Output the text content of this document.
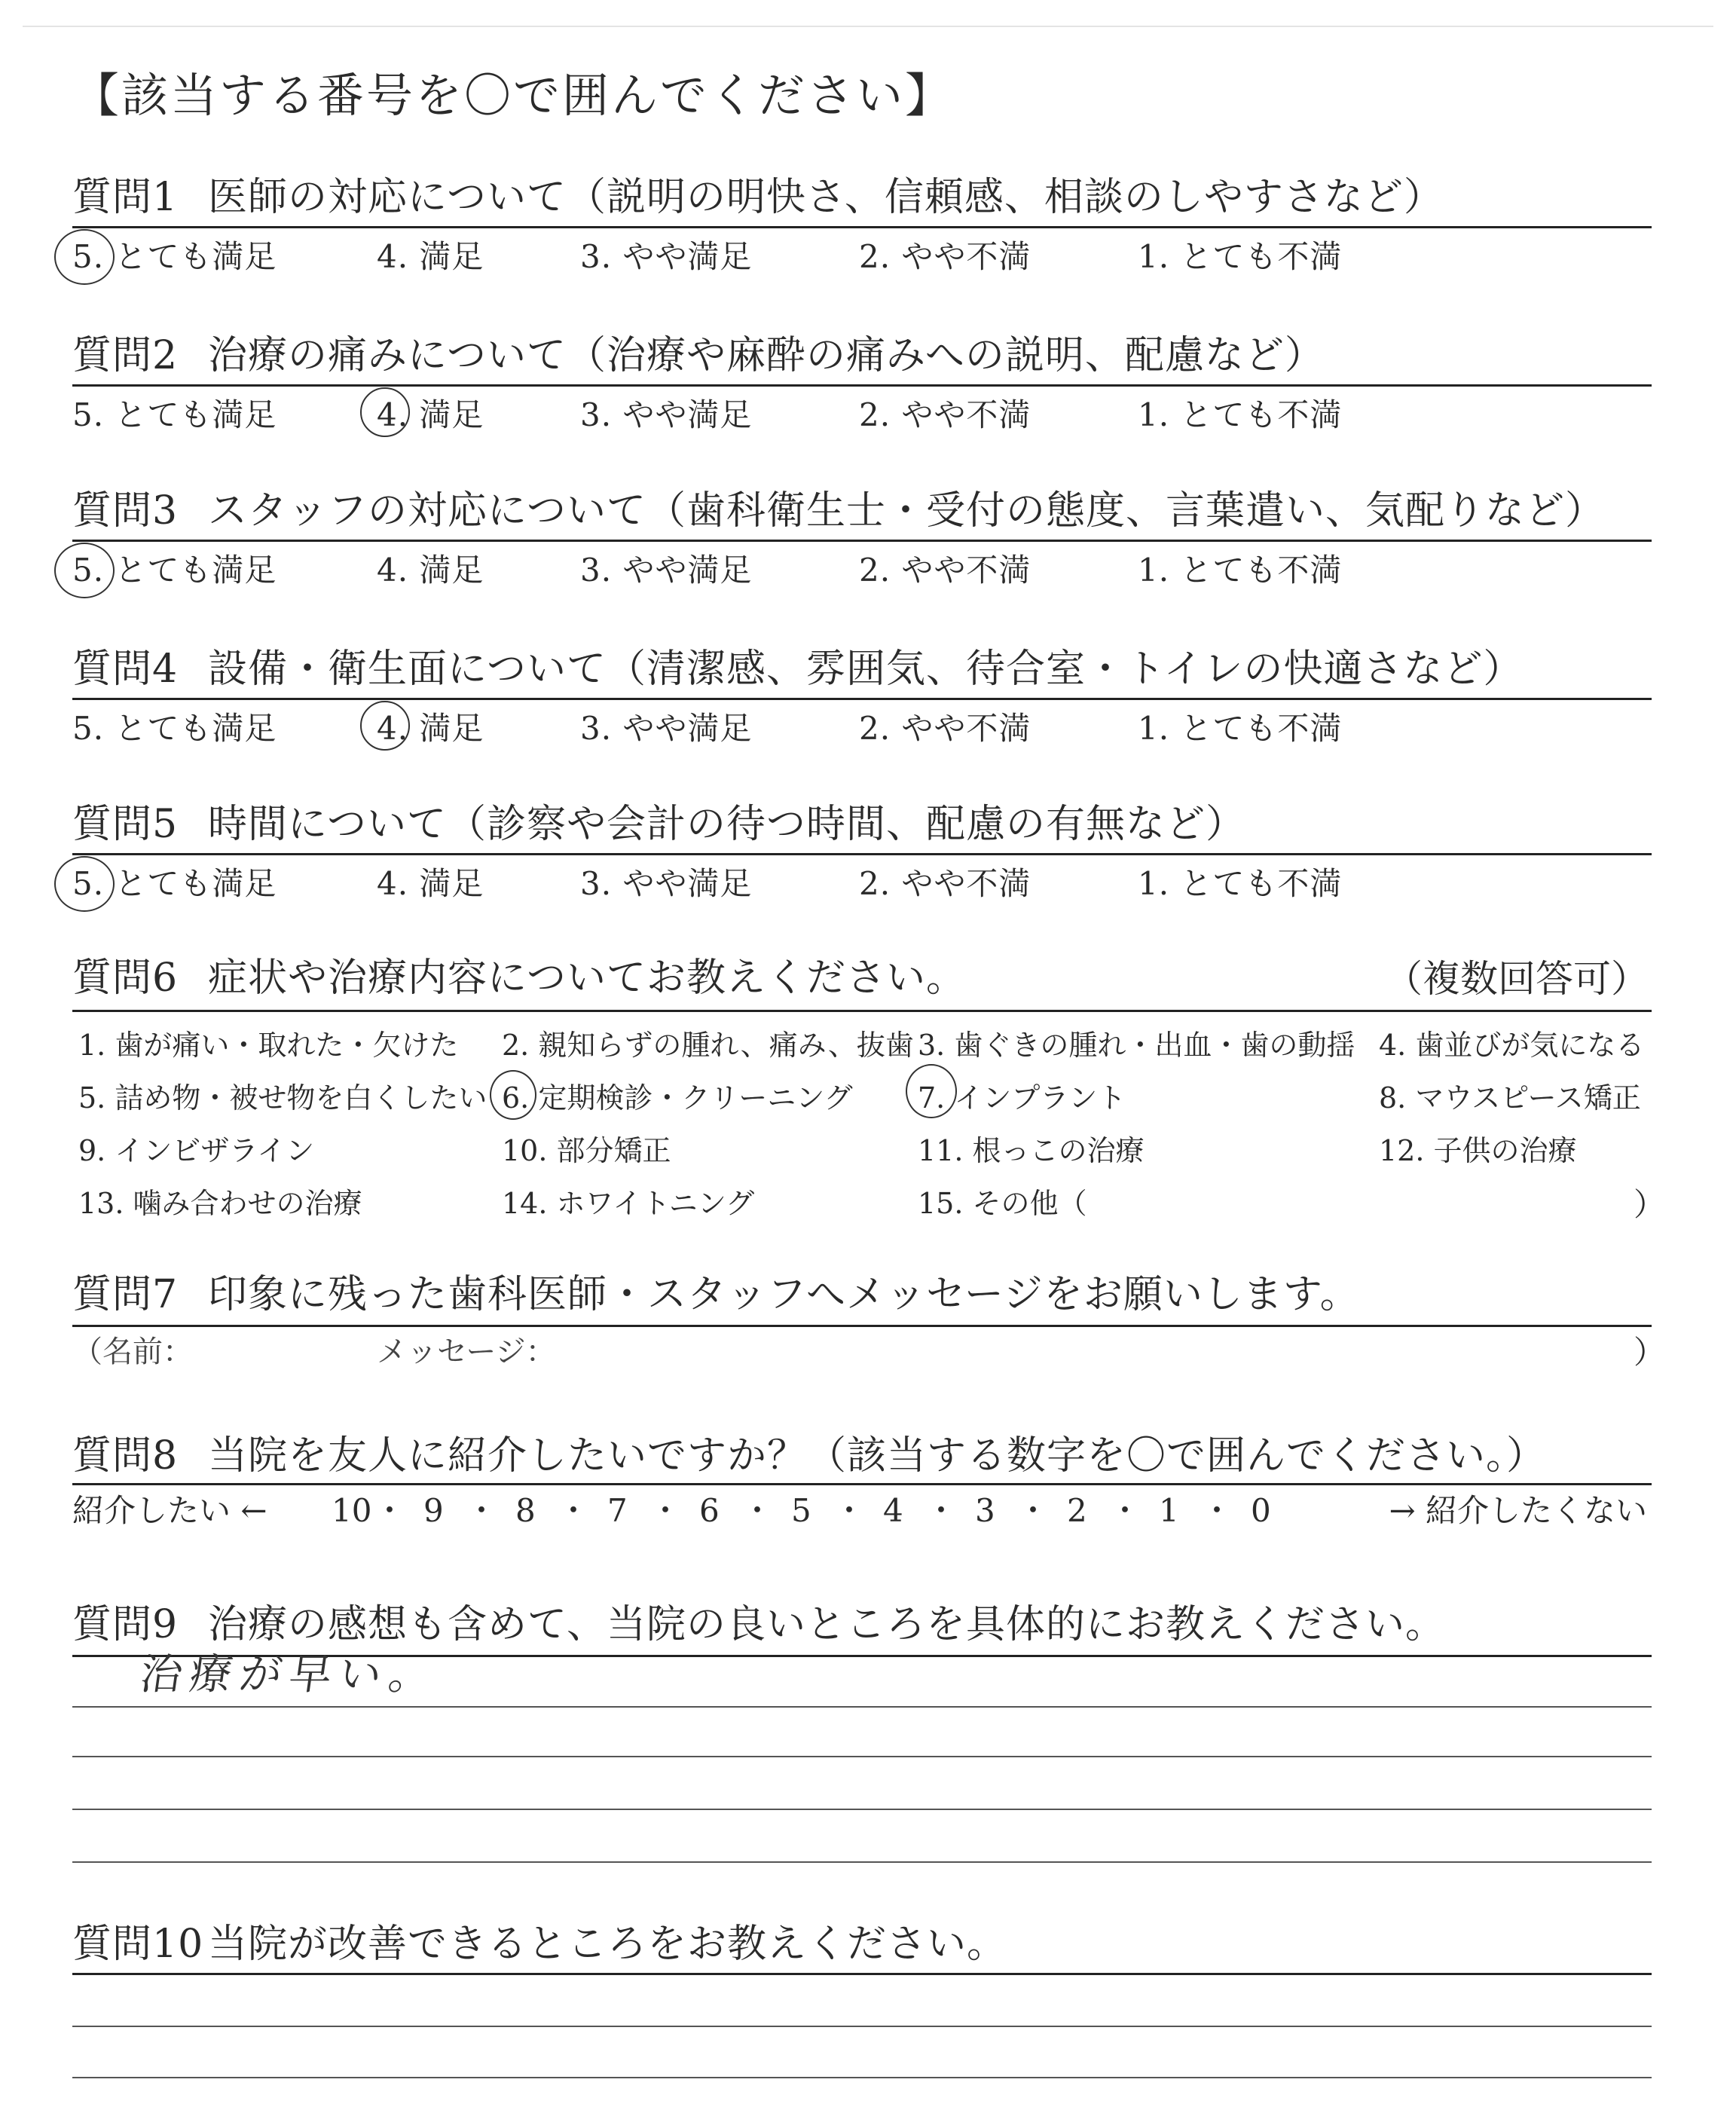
【該当する番号を〇で囲んでください】
質問1 医師の対応について（説明の明快さ、信頼感、相談のしやすさなど）
5. とても満足	4. 満足	3. やや満足	2. やや不満	1. とても不満
質問2 治療の痛みについて（治療や麻酔の痛みへの説明、配慮など）
5. とても満足	4. 満足	3. やや満足	2. やや不満	1. とても不満
質問3 スタッフの対応について（歯科衛生士・受付の態度、言葉遣い、気配りなど）
5. とても満足	4. 満足	3. やや満足	2. やや不満	1. とても不満
質問4 設備・衛生面について（清潔感、雰囲気、待合室・トイレの快適さなど）
5. とても満足	4. 満足	3. やや満足	2. やや不満	1. とても不満
質問5 時間について（診察や会計の待つ時間、配慮の有無など）
5. とても満足	4. 満足	3. やや満足	2. やや不満	1. とても不満
質問6 症状や治療内容についてお教えください。	（複数回答可）
1. 歯が痛い・取れた・欠けた 2. 親知らずの腫れ、痛み、抜歯 3. 歯ぐきの腫れ・出血・歯の動揺 4. 歯並びが気になる
5. 詰め物・被せ物を白くしたい 6. 定期検診・クリーニング 7. インプラント	8. マウスピース矯正
9. インビザライン	10. 部分矯正	11. 根っこの治療	12. 子供の治療
13. 噛み合わせの治療	14. ホワイトニング	15. その他（	）
質問7 印象に残った歯科医師・スタッフへメッセージをお願いします。
（名前：	メッセージ：	）
質問8 当院を友人に紹介したいですか？（該当する数字を〇で囲んでください。）
紹介したい ← 10 ・ 9 ・ 8 ・ 7 ・ 6 ・ 5 ・ 4 ・ 3 ・ 2 ・ 1 ・ 0	→ 紹介したくない
質問9 治療の感想も含めて、当院の良いところを具体的にお教えください。
治療が早い。
質問10 当院が改善できるところをお教えください。
